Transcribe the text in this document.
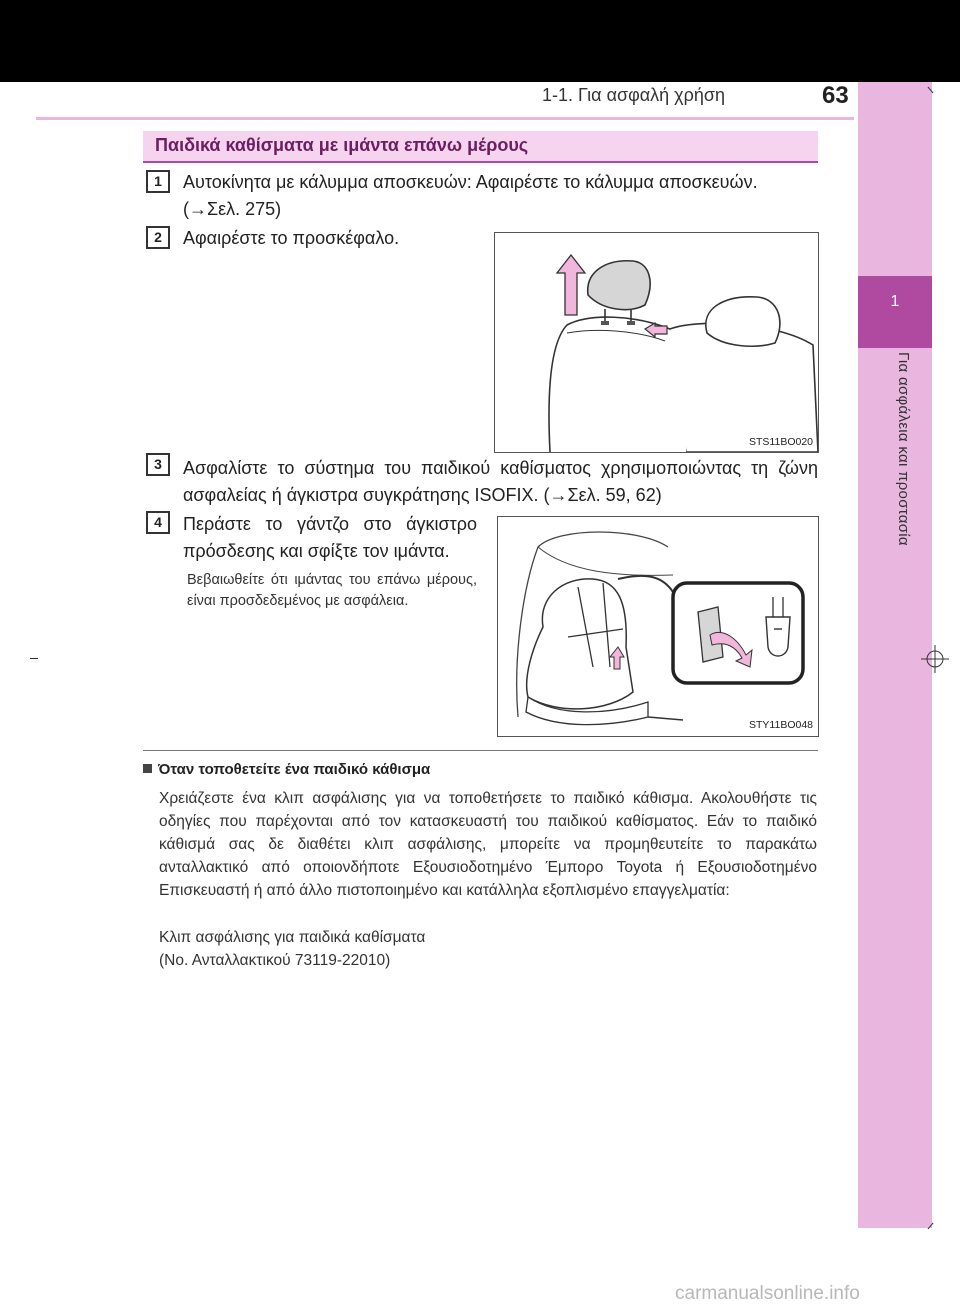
1-1. Για ασφαλή χρήση	63
1
Για ασφάλεια και προστασία
Παιδικά καθίσματα με ιμάντα επάνω μέρους
1	Αυτοκίνητα με κάλυμμα αποσκευών: Αφαιρέστε το κάλυμμα αποσκευών. (→Σελ. 275)
2	Αφαιρέστε το προσκέφαλο.
STS11BO020
3	Ασφαλίστε το σύστημα του παιδικού καθίσματος χρησιμοποιώντας τη ζώνη ασφαλείας ή άγκιστρα συγκράτησης ISOFIX. (→Σελ. 59, 62)
4	Περάστε το γάντζο στο άγκιστρο πρόσδεσης και σφίξτε τον ιμάντα.
Βεβαιωθείτε ότι ιμάντας του επάνω μέρους, είναι προσδεδεμένος με ασφάλεια.
STY11BO048
Όταν τοποθετείτε ένα παιδικό κάθισμα
Χρειάζεστε ένα κλιπ ασφάλισης για να τοποθετήσετε το παιδικό κάθισμα. Ακολουθήστε τις οδηγίες που παρέχονται από τον κατασκευαστή του παιδικού καθίσματος. Εάν το παιδικό κάθισμά σας δε διαθέτει κλιπ ασφάλισης, μπορείτε να προμηθευτείτε το παρακάτω ανταλλακτικό από οποιονδήποτε Εξουσιοδοτημένο Έμπορο Toyota ή Εξουσιοδοτημένο Επισκευαστή ή από άλλο πιστοποιημένο και κατάλληλα εξοπλισμένο επαγγελματία:
Κλιπ ασφάλισης για παιδικά καθίσματα
(Νο. Ανταλλακτικού 73119-22010)
carmanualsonline.info
